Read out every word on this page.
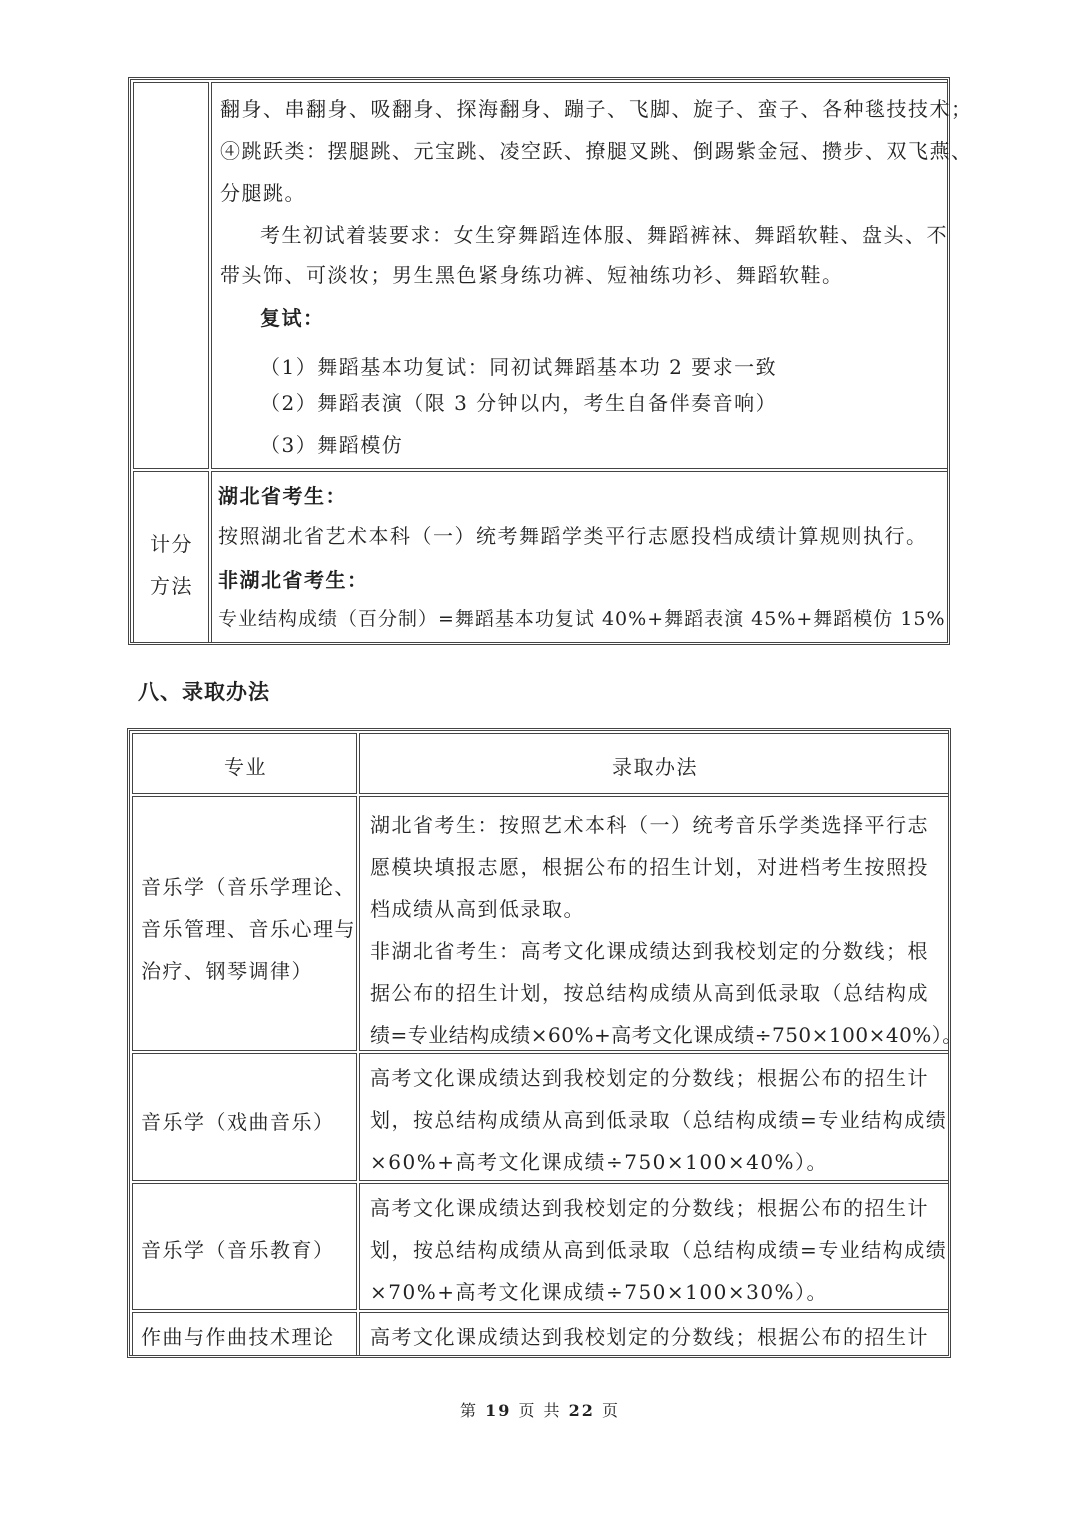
翻身、串翻身、吸翻身、探海翻身、蹦子、飞脚、旋子、蛮子、各种毯技技术；
④跳跃类：摆腿跳、元宝跳、凌空跃、撩腿叉跳、倒踢紫金冠、攒步、双飞燕、
分腿跳。
考生初试着装要求：女生穿舞蹈连体服、舞蹈裤袜、舞蹈软鞋、盘头、不
带头饰、可淡妆；男生黑色紧身练功裤、短袖练功衫、舞蹈软鞋。
复试：
（1）舞蹈基本功复试：同初试舞蹈基本功 2 要求一致
（2）舞蹈表演（限 3 分钟以内，考生自备伴奏音响）
（3）舞蹈模仿
计分
方法
湖北省考生：
按照湖北省艺术本科（一）统考舞蹈学类平行志愿投档成绩计算规则执行。
非湖北省考生：
专业结构成绩（百分制）=舞蹈基本功复试 40%+舞蹈表演 45%+舞蹈模仿 15%
八、录取办法
专业	录取办法
音乐学（音乐学理论、
音乐管理、音乐心理与
治疗、钢琴调律）
湖北省考生：按照艺术本科（一）统考音乐学类选择平行志
愿模块填报志愿，根据公布的招生计划，对进档考生按照投
档成绩从高到低录取。
非湖北省考生：高考文化课成绩达到我校划定的分数线；根
据公布的招生计划，按总结构成绩从高到低录取（总结构成
绩=专业结构成绩×60%+高考文化课成绩÷750×100×40%）。
音乐学（戏曲音乐）
高考文化课成绩达到我校划定的分数线；根据公布的招生计
划，按总结构成绩从高到低录取（总结构成绩=专业结构成绩
×60%+高考文化课成绩÷750×100×40%）。
音乐学（音乐教育）
高考文化课成绩达到我校划定的分数线；根据公布的招生计
划，按总结构成绩从高到低录取（总结构成绩=专业结构成绩
×70%+高考文化课成绩÷750×100×30%）。
作曲与作曲技术理论 高考文化课成绩达到我校划定的分数线；根据公布的招生计
第 19 页 共 22 页
